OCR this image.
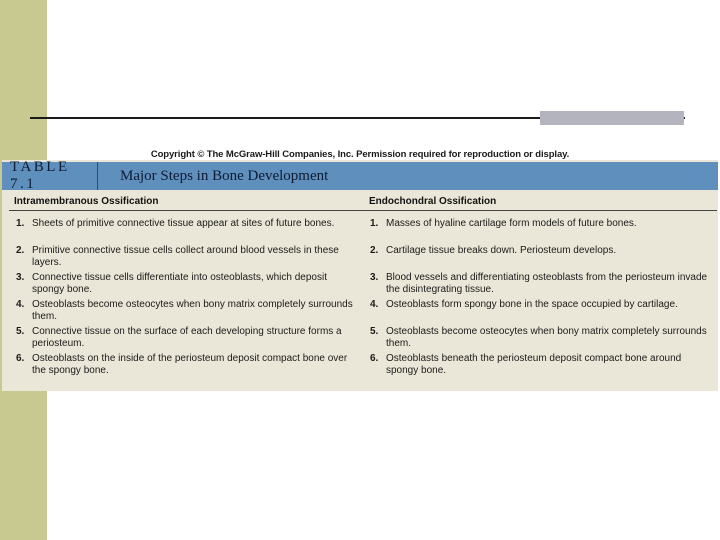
Copyright © The McGraw-Hill Companies, Inc. Permission required for reproduction or display.
TABLE 7.1
Major Steps in Bone Development
Intramembranous Ossification	Endochondral Ossification
1. Sheets of primitive connective tissue appear at sites of future bones.
2. Primitive connective tissue cells collect around blood vessels in these layers.
3. Connective tissue cells differentiate into osteoblasts, which deposit spongy bone.
4. Osteoblasts become osteocytes when bony matrix completely surrounds them.
5. Connective tissue on the surface of each developing structure forms a periosteum.
6. Osteoblasts on the inside of the periosteum deposit compact bone over the spongy bone.
1. Masses of hyaline cartilage form models of future bones.
2. Cartilage tissue breaks down. Periosteum develops.
3. Blood vessels and differentiating osteoblasts from the periosteum invade the disintegrating tissue.
4. Osteoblasts form spongy bone in the space occupied by cartilage.
5. Osteoblasts become osteocytes when bony matrix completely surrounds them.
6. Osteoblasts beneath the periosteum deposit compact bone around spongy bone.
